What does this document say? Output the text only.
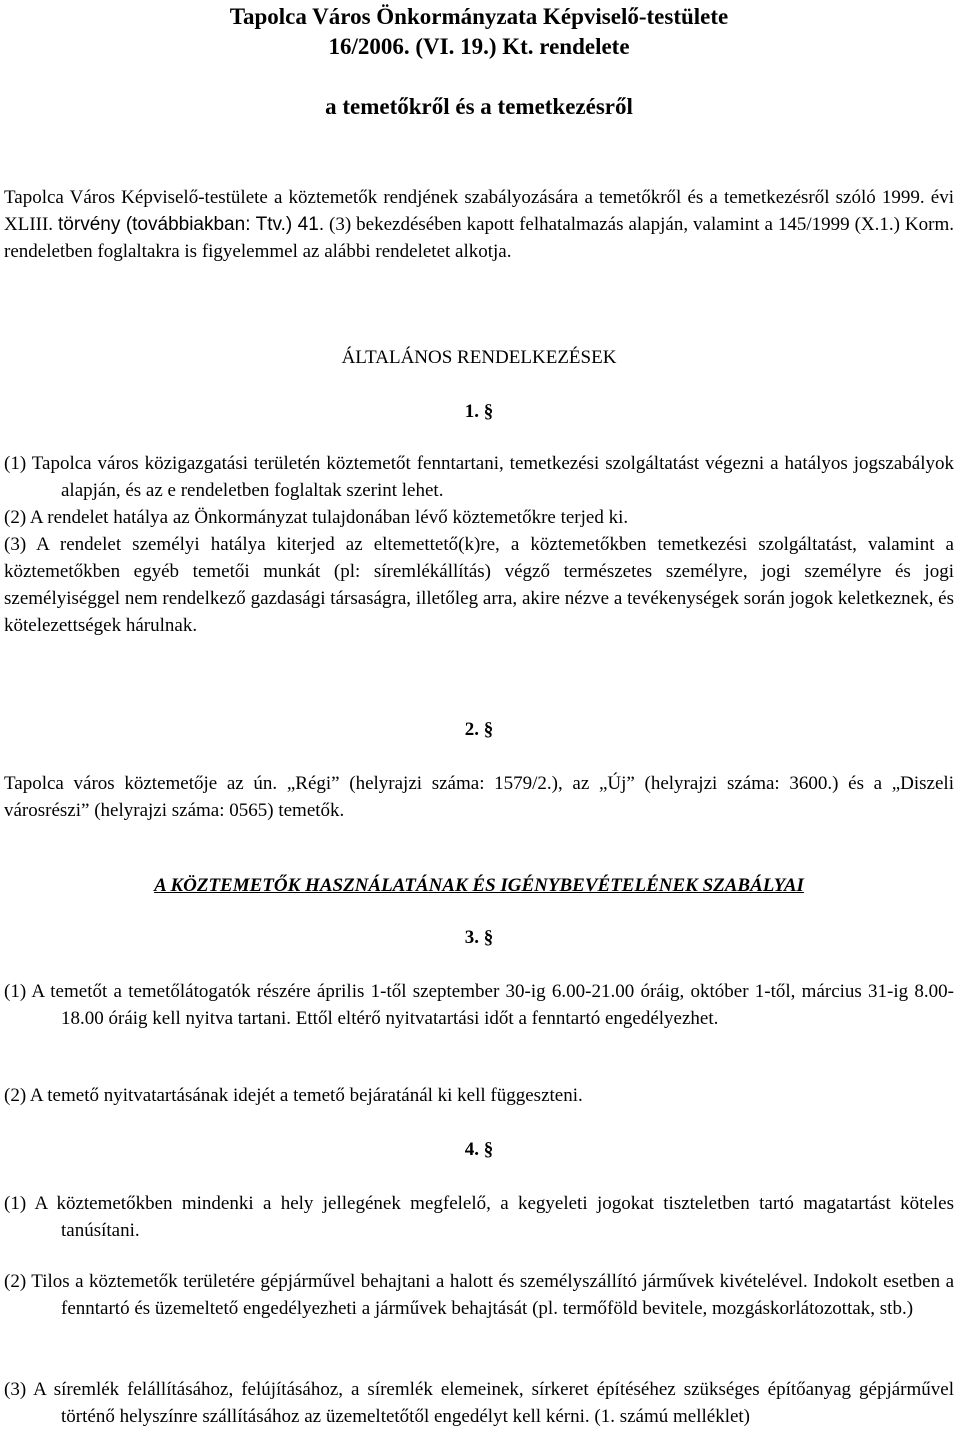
Tapolca Város Önkormányzata Képviselő-testülete
16/2006. (VI. 19.) Kt. rendelete
a temetőkről és a temetkezésről
Tapolca Város Képviselő-testülete a köztemetők rendjének szabályozására a temetőkről és a temetkezésről szóló 1999. évi XLIII. törvény (továbbiakban: Ttv.) 41. (3) bekezdésében kapott felhatalmazás alapján, valamint a 145/1999 (X.1.) Korm. rendeletben foglaltakra is figyelemmel az alábbi rendeletet alkotja.
ÁLTALÁNOS RENDELKEZÉSEK
1. §
(1) Tapolca város közigazgatási területén köztemetőt fenntartani, temetkezési szolgáltatást végezni a hatályos jogszabályok alapján, és az e rendeletben foglaltak szerint lehet.
(2) A rendelet hatálya az Önkormányzat tulajdonában lévő köztemetőkre terjed ki.
(3) A rendelet személyi hatálya kiterjed az eltemettető(k)re, a köztemetőkben temetkezési szolgáltatást, valamint a köztemetőkben egyéb temetői munkát (pl: síremlékállítás) végző természetes személyre, jogi személyre és jogi személyiséggel nem rendelkező gazdasági társaságra, illetőleg arra, akire nézve a tevékenységek során jogok keletkeznek, és kötelezettségek hárulnak.
2. §
Tapolca város köztemetője az ún. „Régi” (helyrajzi száma: 1579/2.), az „Új” (helyrajzi száma: 3600.) és a „Diszeli városrészi” (helyrajzi száma: 0565) temetők.
A KÖZTEMETŐK HASZNÁLATÁNAK ÉS IGÉNYBEVÉTELÉNEK SZABÁLYAI
3. §
(1) A temetőt a temetőlátogatók részére április 1-től szeptember 30-ig 6.00-21.00 óráig, október 1-től, március 31-ig 8.00-18.00 óráig kell nyitva tartani. Ettől eltérő nyitvatartási időt a fenntartó engedélyezhet.
(2) A temető nyitvatartásának idejét a temető bejáratánál ki kell függeszteni.
4. §
(1) A köztemetőkben mindenki a hely jellegének megfelelő, a kegyeleti jogokat tiszteletben tartó magatartást köteles tanúsítani.
(2) Tilos a köztemetők területére gépjárművel behajtani a halott és személyszállító járművek kivételével. Indokolt esetben a fenntartó és üzemeltető engedélyezheti a járművek behajtását (pl. termőföld bevitele, mozgáskorlátozottak, stb.)
(3) A síremlék felállításához, felújításához, a síremlék elemeinek, sírkeret építéséhez szükséges építőanyag gépjárművel történő helyszínre szállításához az üzemeltetőtől engedélyt kell kérni. (1. számú melléklet)
